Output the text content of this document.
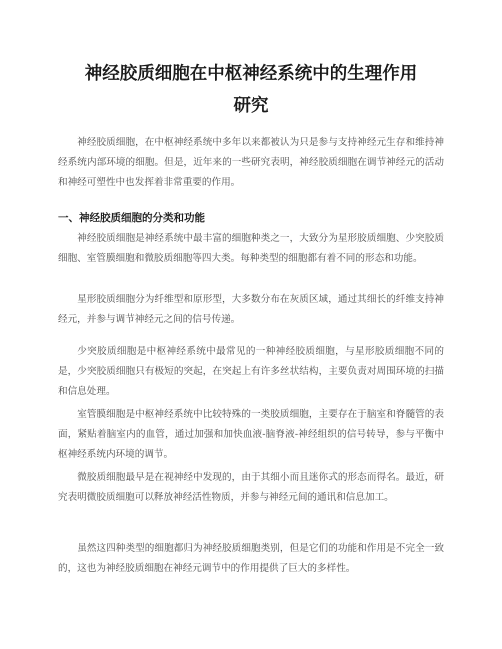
神经胶质细胞在中枢神经系统中的生理作用
研究

神经胶质细胞，在中枢神经系统中多年以来都被认为只是参与支持神经元生存和维持神经系统内部环境的细胞。但是，近年来的一些研究表明，神经胶质细胞在调节神经元的活动和神经可塑性中也发挥着非常重要的作用。

一、神经胶质细胞的分类和功能

神经胶质细胞是神经系统中最丰富的细胞种类之一，大致分为星形胶质细胞、少突胶质细胞、室管膜细胞和微胶质细胞等四大类。每种类型的细胞都有着不同的形态和功能。

星形胶质细胞分为纤维型和原形型，大多数分布在灰质区域，通过其细长的纤维支持神经元，并参与调节神经元之间的信号传递。

少突胶质细胞是中枢神经系统中最常见的一种神经胶质细胞，与星形胶质细胞不同的是，少突胶质细胞只有极短的突起，在突起上有许多丝状结构，主要负责对周围环境的扫描和信息处理。

室管膜细胞是中枢神经系统中比较特殊的一类胶质细胞，主要存在于脑室和脊髓管的表面，紧贴着脑室内的血管，通过加强和加快血液-脑脊液-神经组织的信号转导，参与平衡中枢神经系统内环境的调节。

微胶质细胞最早是在视神经中发现的，由于其细小而且迷你式的形态而得名。最近，研究表明微胶质细胞可以释放神经活性物质，并参与神经元间的通讯和信息加工。

虽然这四种类型的细胞都归为神经胶质细胞类别，但是它们的功能和作用是不完全一致的，这也为神经胶质细胞在神经元调节中的作用提供了巨大的多样性。
